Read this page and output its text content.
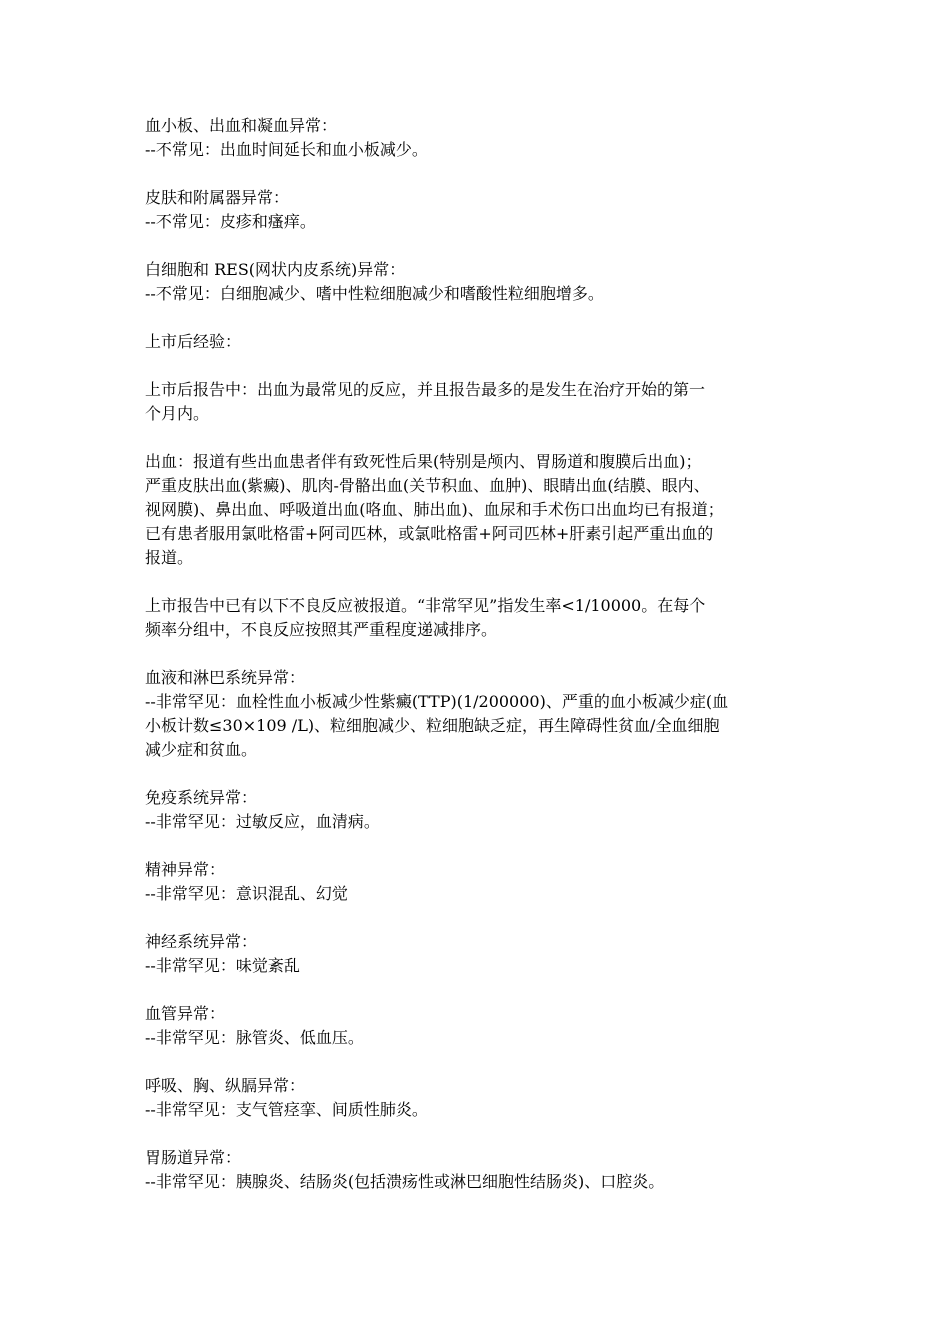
血小板、出血和凝血异常：
--不常见：出血时间延长和血小板减少。
皮肤和附属器异常：
--不常见：皮疹和瘙痒。
白细胞和 RES(网状内皮系统)异常：
--不常见：白细胞减少、嗜中性粒细胞减少和嗜酸性粒细胞增多。
上市后经验：
上市后报告中：出血为最常见的反应，并且报告最多的是发生在治疗开始的第一
个月内。
出血：报道有些出血患者伴有致死性后果(特别是颅内、胃肠道和腹膜后出血)；
严重皮肤出血(紫癜)、肌肉-骨骼出血(关节积血、血肿)、眼睛出血(结膜、眼内、
视网膜)、鼻出血、呼吸道出血(咯血、肺出血)、血尿和手术伤口出血均已有报道；
已有患者服用氯吡格雷+阿司匹林，或氯吡格雷+阿司匹林+肝素引起严重出血的
报道。
上市报告中已有以下不良反应被报道。“非常罕见”指发生率<1/10000。在每个
频率分组中，不良反应按照其严重程度递减排序。
血液和淋巴系统异常：
--非常罕见：血栓性血小板减少性紫癜(TTP)(1/200000)、严重的血小板减少症(血
小板计数≤30×109 /L)、粒细胞减少、粒细胞缺乏症，再生障碍性贫血/全血细胞
减少症和贫血。
免疫系统异常：
--非常罕见：过敏反应，血清病。
精神异常：
--非常罕见：意识混乱、幻觉
神经系统异常：
--非常罕见：味觉紊乱
血管异常：
--非常罕见：脉管炎、低血压。
呼吸、胸、纵膈异常：
--非常罕见：支气管痉挛、间质性肺炎。
胃肠道异常：
--非常罕见：胰腺炎、结肠炎(包括溃疡性或淋巴细胞性结肠炎)、口腔炎。
